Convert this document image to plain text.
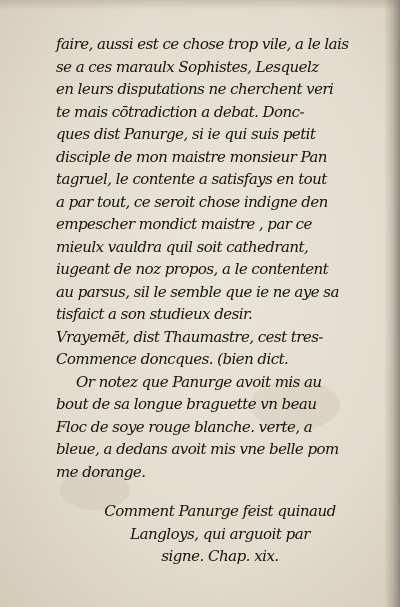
faire, aussi est ce chose trop vile, a le lais
se a ces maraulx Sophistes, Lesquelz
en leurs disputations ne cherchent veri
te mais cōtradiction a debat. Donc-
ques dist Panurge, si ie qui suis petit
disciple de mon maistre monsieur Pan
tagruel, le contente a satisfays en tout
a par tout, ce seroit chose indigne den
empescher mondict maistre , par ce
mieulx vauldra quil soit cathedrant,
iugeant de noz propos, a le contentent
au parsus, sil le semble que ie ne aye sa
tisfaict a son studieux desir.
Vrayemēt, dist Thaumastre, cest tres-
Commence doncques. (bien dict.
Or notez que Panurge avoit mis au
bout de sa longue braguette vn beau
Floc de soye rouge blanche. verte, a
bleue, a dedans avoit mis vne belle pom
me dorange.
Comment Panurge feist quinaud
Langloys, qui arguoit par
signe. Chap. xix.
